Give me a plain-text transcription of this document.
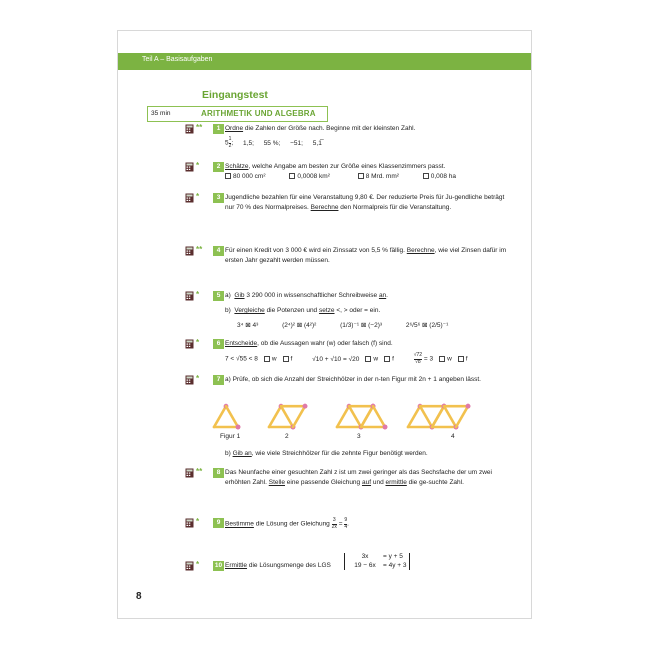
Teil A – Basisaufgaben
Eingangstest
35 min	ARITHMETIK UND ALGEBRA
**	1 Ordne die Zahlen der Größe nach. Beginne mit der kleinsten Zahl.
$5 \frac{1}{2}$ ; 1,5; 55 %; −51; 5,1̅
*	2 Schätze, welche Angabe am besten zur Größe eines Klassenzimmers passt.
80 000 cm²	0,0008 km²	8 Mrd. mm²	0,008 ha
*	3 Jugendliche bezahlen für eine Veranstaltung 9,80 €. Der reduzierte Preis für Ju-gendliche beträgt nur 70 % des Normalpreises. Berechne den Normalpreis für die Veranstaltung.
**	4 Für einen Kredit von 3 000 € wird ein Zinssatz von 5,5 % fällig. Berechne, wie viel Zinsen dafür im ersten Jahr gezahlt werden müssen.
*	5 a) Gib 3 290 000 in wissenschaftlicher Schreibweise an.
b) Vergleiche die Potenzen und setze <, > oder = ein.
3⁴ ⊠ 4³	(2⁴)² ⊠ (4²)²	(1/3)⁻¹ ⊠ (−2)³	2⁶/5⁶ ⊠ (2/5)⁻¹
*	6 Entscheide, ob die Aussagen wahr (w) oder falsch (f) sind.
7 < √55 < 8 w f	√10 + √10 = √20 w f	$\frac{√72}{√8} = 3$ w f
*	7 a) Prüfe, ob sich die Anzahl der Streichhölzer in der n-ten Figur mit 2n + 1 angeben lässt.
Figur 1	2	3	4
b) Gib an, wie viele Streichhölzer für die zehnte Figur benötigt werden.
**	8 Das Neunfache einer gesuchten Zahl z ist um zwei geringer als das Sechsfache der um zwei erhöhten Zahl. Stelle eine passende Gleichung auf und ermittle die ge-suchte Zahl.
*	9 Bestimme die Lösung der Gleichung $\frac{3}{2x} = \frac{9}{4}$ .
* 10 Ermittle die Lösungsmenge des LGS
3x = y + 5
19 − 6x = 4y + 3
8
